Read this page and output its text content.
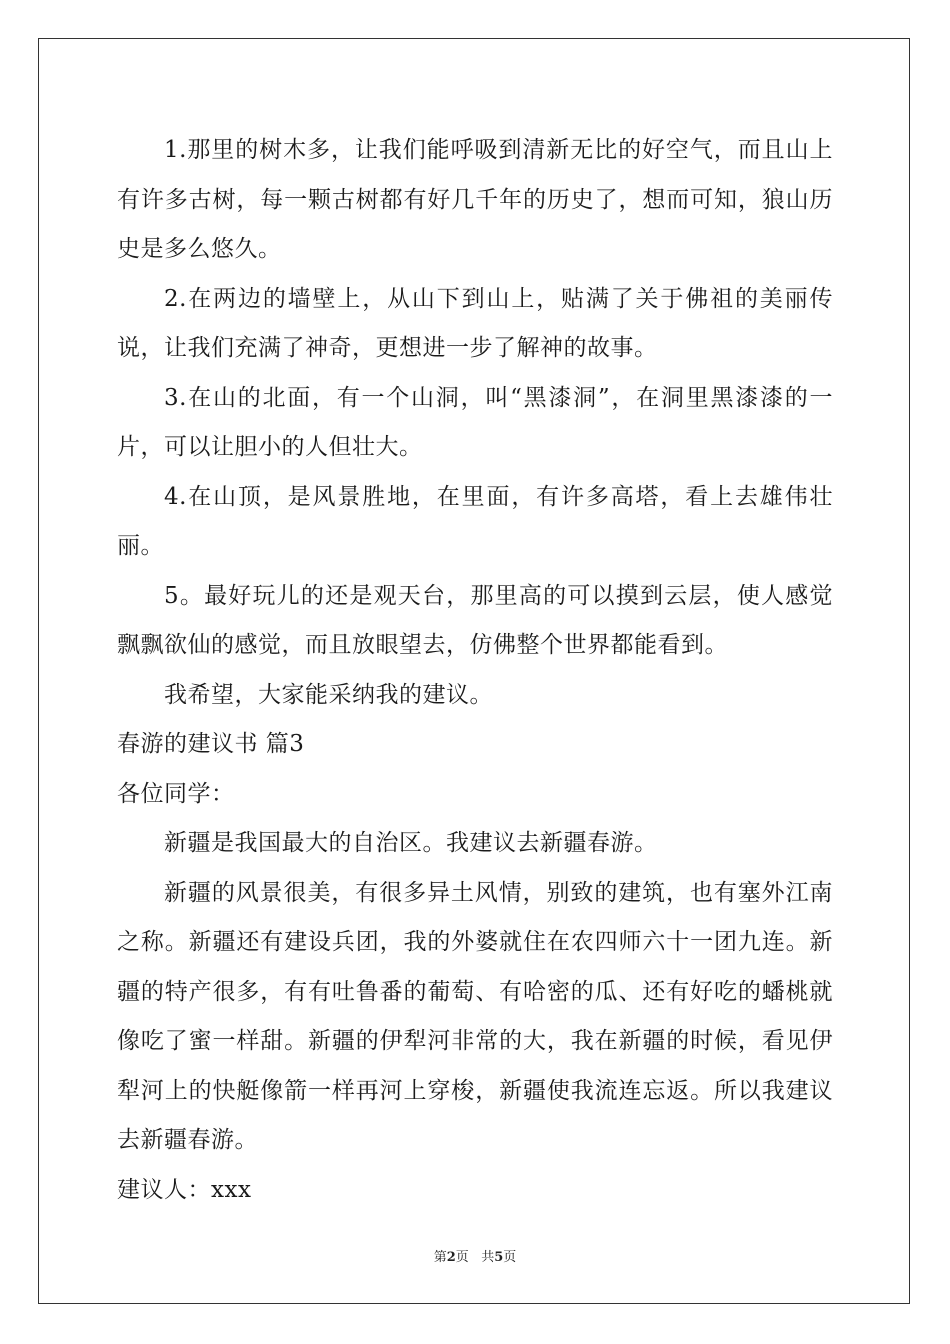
1.那里的树木多，让我们能呼吸到清新无比的好空气，而且山上有许多古树，每一颗古树都有好几千年的历史了，想而可知，狼山历史是多么悠久。

2.在两边的墙壁上，从山下到山上，贴满了关于佛祖的美丽传说，让我们充满了神奇，更想进一步了解神的故事。

3.在山的北面，有一个山洞，叫“黑漆洞”，在洞里黑漆漆的一片，可以让胆小的人但壮大。

4.在山顶，是风景胜地，在里面，有许多高塔，看上去雄伟壮丽。

5。最好玩儿的还是观天台，那里高的可以摸到云层，使人感觉飘飘欲仙的感觉，而且放眼望去，仿佛整个世界都能看到。

我希望，大家能采纳我的建议。

春游的建议书 篇3

各位同学：

新疆是我国最大的自治区。我建议去新疆春游。

新疆的风景很美，有很多异土风情，别致的建筑，也有塞外江南之称。新疆还有建设兵团，我的外婆就住在农四师六十一团九连。新疆的特产很多，有有吐鲁番的葡萄、有哈密的瓜、还有好吃的蟠桃就像吃了蜜一样甜。新疆的伊犁河非常的大，我在新疆的时候，看见伊犁河上的快艇像箭一样再河上穿梭，新疆使我流连忘返。所以我建议去新疆春游。

建议人：xxx

第2页 共5页
